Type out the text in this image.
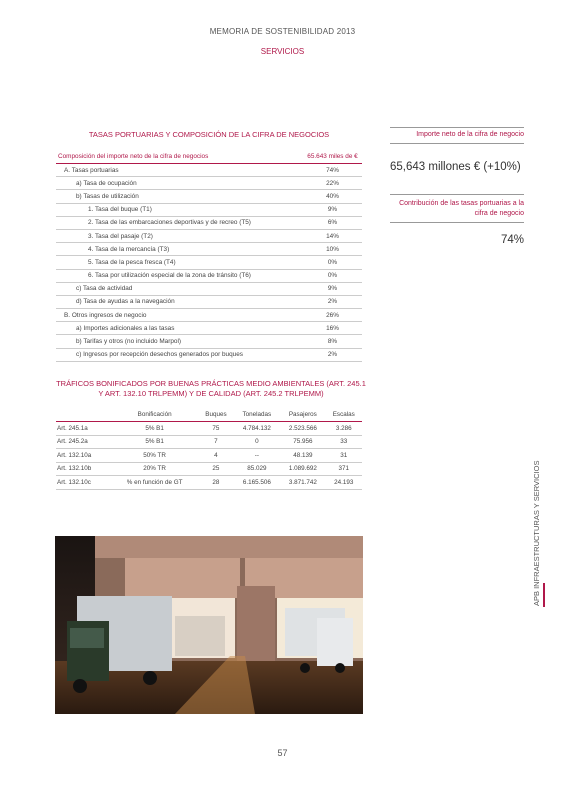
MEMORIA DE SOSTENIBILIDAD 2013
SERVICIOS
TASAS PORTUARIAS Y COMPOSICIÓN DE LA CIFRA DE NEGOCIOS
Composición del importe neto de la cifra de negocios	65.643 miles de €
A. Tasas portuarias	74%
a) Tasa de ocupación	22%
b) Tasas de utilización	40%
1. Tasa del buque (T1)	9%
2. Tasa de las embarcaciones deportivas y de recreo (T5)	6%
3. Tasa del pasaje (T2)	14%
4. Tasa de la mercancía (T3)	10%
5. Tasa de la pesca fresca (T4)	0%
6. Tasa por utilización especial de la zona de tránsito (T6)	0%
c) Tasa de actividad	9%
d) Tasa de ayudas a la navegación	2%
B. Otros ingresos de negocio	26%
a) Importes adicionales a las tasas	16%
b) Tarifas y otros (no incluido Marpol)	8%
c) Ingresos por recepción desechos generados por buques	2%
Importe neto de la cifra de negocio
65,643 millones € (+10%)
Contribución de las tasas portuarias a la cifra de negocio
74%
TRÁFICOS BONIFICADOS POR BUENAS PRÁCTICAS MEDIO AMBIENTALES (ART. 245.1 Y ART. 132.10 TRLPEMM) Y DE CALIDAD (ART. 245.2 TRLPEMM)
	Bonificación	Buques	Toneladas	Pasajeros	Escalas
Art. 245.1a	5% B1	75	4.784.132	2.523.566	3.286
Art. 245.2a	5% B1	7	0	75.956	33
Art. 132.10a	50% TR	4	--	48.139	31
Art. 132.10b	20% TR	25	85.029	1.089.692	371
Art. 132.10c	% en función de GT	28	6.165.506	3.871.742	24.193	APB INFRAESTRUCTURAS Y SERVICIOS
57
